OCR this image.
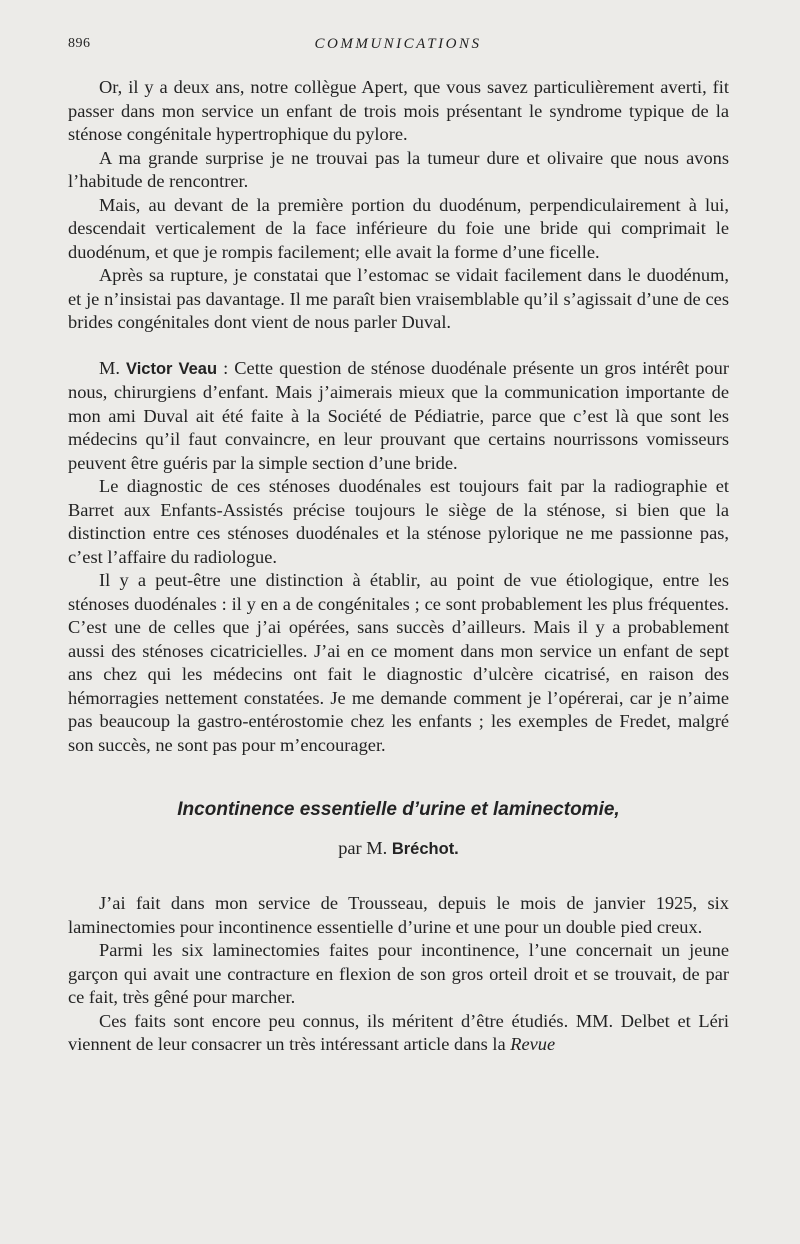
896	COMMUNICATIONS

Or, il y a deux ans, notre collègue Apert, que vous savez particulièrement averti, fit passer dans mon service un enfant de trois mois présentant le syndrome typique de la sténose congénitale hypertrophique du pylore.

A ma grande surprise je ne trouvai pas la tumeur dure et olivaire que nous avons l’habitude de rencontrer.

Mais, au devant de la première portion du duodénum, perpendiculairement à lui, descendait verticalement de la face inférieure du foie une bride qui comprimait le duodénum, et que je rompis facilement; elle avait la forme d’une ficelle.

Après sa rupture, je constatai que l’estomac se vidait facilement dans le duodénum, et je n’insistai pas davantage. Il me paraît bien vraisemblable qu’il s’agissait d’une de ces brides congénitales dont vient de nous parler Duval.

M. Victor Veau : Cette question de sténose duodénale présente un gros intérêt pour nous, chirurgiens d’enfant. Mais j’aimerais mieux que la communication importante de mon ami Duval ait été faite à la Société de Pédiatrie, parce que c’est là que sont les médecins qu’il faut convaincre, en leur prouvant que certains nourrissons vomisseurs peuvent être guéris par la simple section d’une bride.

Le diagnostic de ces sténoses duodénales est toujours fait par la radiographie et Barret aux Enfants-Assistés précise toujours le siège de la sténose, si bien que la distinction entre ces sténoses duodénales et la sténose pylorique ne me passionne pas, c’est l’affaire du radiologue.

Il y a peut-être une distinction à établir, au point de vue étiologique, entre les sténoses duodénales : il y en a de congénitales ; ce sont probablement les plus fréquentes. C’est une de celles que j’ai opérées, sans succès d’ailleurs. Mais il y a probablement aussi des sténoses cicatricielles. J’ai en ce moment dans mon service un enfant de sept ans chez qui les médecins ont fait le diagnostic d’ulcère cicatrisé, en raison des hémorragies nettement constatées. Je me demande comment je l’opérerai, car je n’aime pas beaucoup la gastro-entérostomie chez les enfants ; les exemples de Fredet, malgré son succès, ne sont pas pour m’encourager.

Incontinence essentielle d’urine et laminectomie,
par M. Bréchot.

J’ai fait dans mon service de Trousseau, depuis le mois de janvier 1925, six laminectomies pour incontinence essentielle d’urine et une pour un double pied creux.

Parmi les six laminectomies faites pour incontinence, l’une concernait un jeune garçon qui avait une contracture en flexion de son gros orteil droit et se trouvait, de par ce fait, très gêné pour marcher.

Ces faits sont encore peu connus, ils méritent d’être étudiés. MM. Delbet et Léri viennent de leur consacrer un très intéressant article dans la Revue
